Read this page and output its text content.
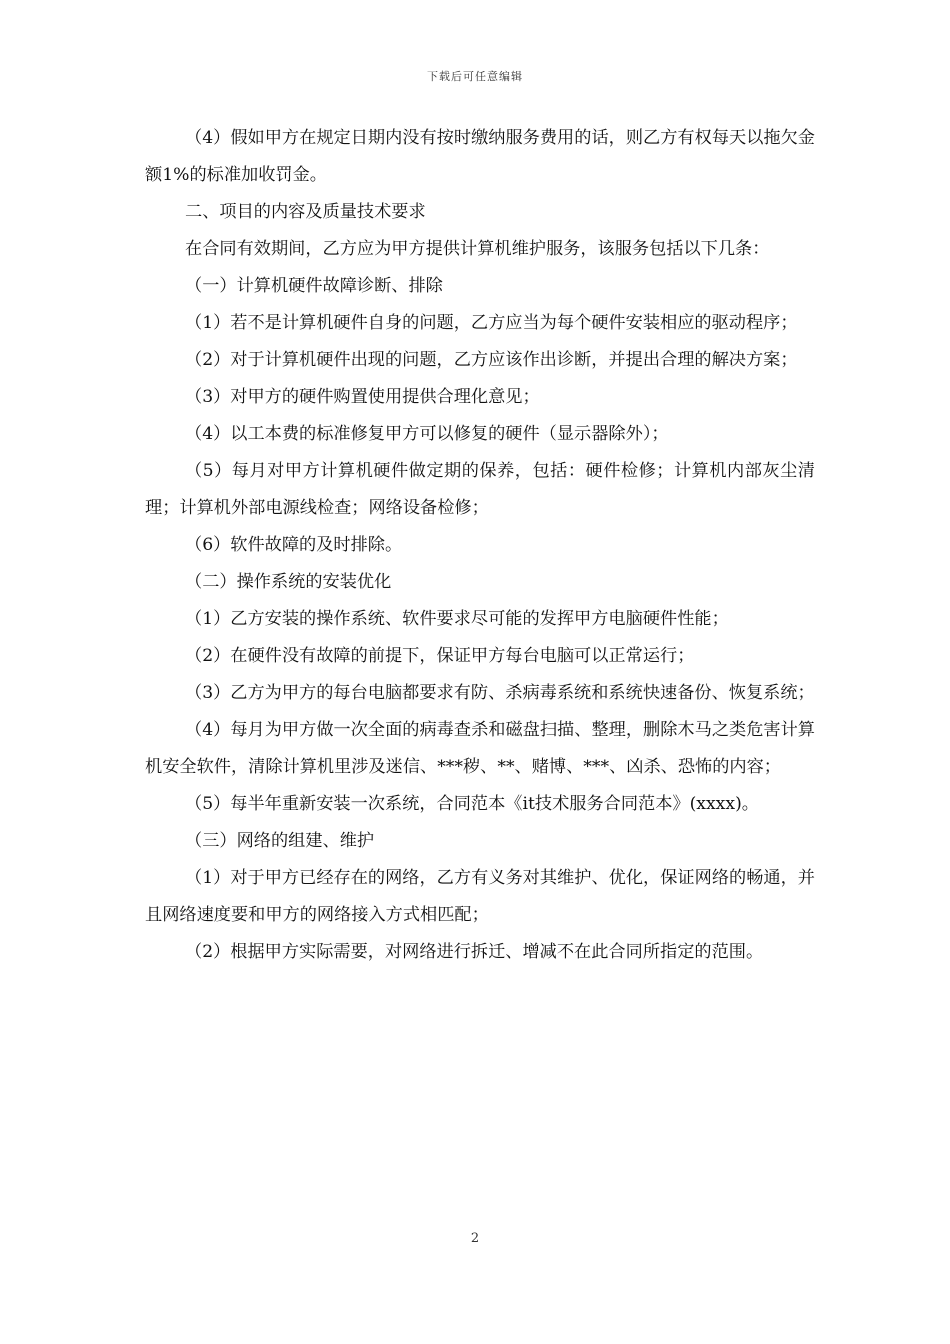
下载后可任意编辑

（4）假如甲方在规定日期内没有按时缴纳服务费用的话，则乙方有权每天以拖欠金额1%的标准加收罚金。

二、项目的内容及质量技术要求

在合同有效期间，乙方应为甲方提供计算机维护服务，该服务包括以下几条：

（一）计算机硬件故障诊断、排除

（1）若不是计算机硬件自身的问题，乙方应当为每个硬件安装相应的驱动程序；

（2）对于计算机硬件出现的问题，乙方应该作出诊断，并提出合理的解决方案；

（3）对甲方的硬件购置使用提供合理化意见；

（4）以工本费的标准修复甲方可以修复的硬件（显示器除外）；

（5）每月对甲方计算机硬件做定期的保养，包括：硬件检修；计算机内部灰尘清理；计算机外部电源线检查；网络设备检修；

（6）软件故障的及时排除。

（二）操作系统的安装优化

（1）乙方安装的操作系统、软件要求尽可能的发挥甲方电脑硬件性能；

（2）在硬件没有故障的前提下，保证甲方每台电脑可以正常运行；

（3）乙方为甲方的每台电脑都要求有防、杀病毒系统和系统快速备份、恢复系统；

（4）每月为甲方做一次全面的病毒查杀和磁盘扫描、整理，删除木马之类危害计算机安全软件，清除计算机里涉及迷信、***秽、**、赌博、***、凶杀、恐怖的内容；

（5）每半年重新安装一次系统，合同范本《it技术服务合同范本》(xxxx)。

（三）网络的组建、维护

（1）对于甲方已经存在的网络，乙方有义务对其维护、优化，保证网络的畅通，并且网络速度要和甲方的网络接入方式相匹配；

（2）根据甲方实际需要，对网络进行拆迁、增减不在此合同所指定的范围。

2
